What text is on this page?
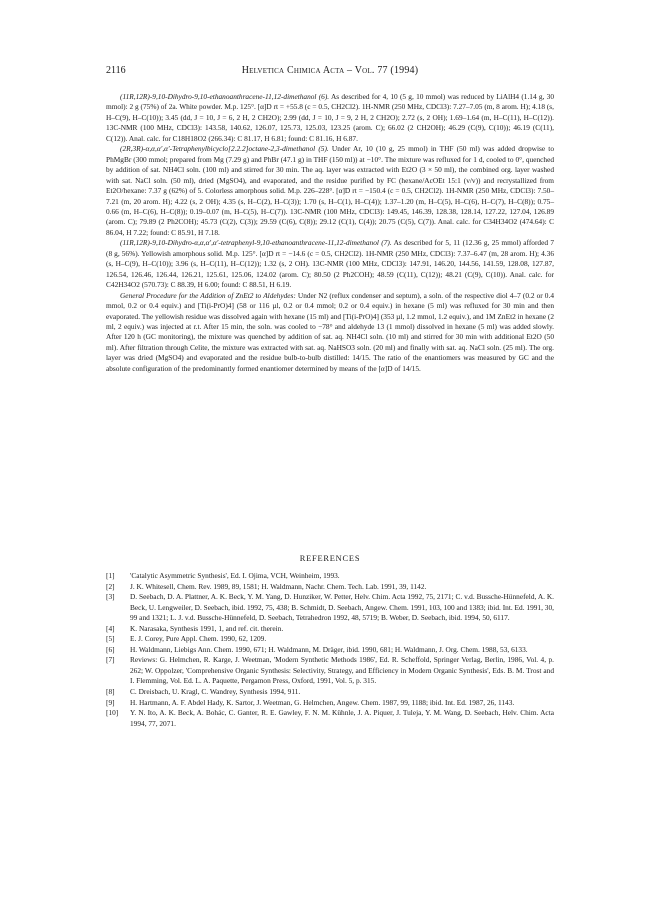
2116	Helvetica Chimica Acta – Vol. 77 (1994)

(11R,12R)-9,10-Dihydro-9,10-ethanoanthracene-11,12-dimethanol (6). As described for 4, 10 (5 g, 10 mmol) was reduced by LiAlH4 (1.14 g, 30 mmol): 2 g (75%) of 2a. White powder. M.p. 125°. [α]D rt = +55.8 (c = 0.5, CH2Cl2). 1H-NMR (250 MHz, CDCl3): 7.27–7.05 (m, 8 arom. H); 4.18 (s, H–C(9), H–C(10)); 3.45 (dd, J = 10, J = 6, 2 H, 2 CH2O); 2.99 (dd, J = 10, J = 9, 2 H, 2 CH2O); 2.72 (s, 2 OH); 1.69–1.64 (m, H–C(11), H–C(12)). 13C-NMR (100 MHz, CDCl3): 143.58, 140.62, 126.07, 125.73, 125.03, 123.25 (arom. C); 66.02 (2 CH2OH); 46.29 (C(9), C(10)); 46.19 (C(11), C(12)). Anal. calc. for C18H18O2 (266.34): C 81.17, H 6.81; found: C 81.16, H 6.87.

(2R,3R)-α,α,α′,α′-Tetraphenylbicyclo[2.2.2]octane-2,3-dimethanol (5). Under Ar, 10 (10 g, 25 mmol) in THF (50 ml) was added dropwise to PhMgBr (300 mmol; prepared from Mg (7.29 g) and PhBr (47.1 g) in THF (150 ml)) at −10°. The mixture was refluxed for 1 d, cooled to 0°, quenched by addition of sat. NH4Cl soln. (100 ml) and stirred for 30 min. The aq. layer was extracted with Et2O (3 × 50 ml), the combined org. layer washed with sat. NaCl soln. (50 ml), dried (MgSO4), and evaporated, and the residue purified by FC (hexane/AcOEt 15:1 (v/v)) and recrystallized from Et2O/hexane: 7.37 g (62%) of 5. Colorless amorphous solid. M.p. 226–228°. [α]D rt = −150.4 (c = 0.5, CH2Cl2). 1H-NMR (250 MHz, CDCl3): 7.50–7.21 (m, 20 arom. H); 4.22 (s, 2 OH); 4.35 (s, H–C(2), H–C(3)); 1.70 (s, H–C(1), H–C(4)); 1.37–1.20 (m, H–C(5), H–C(6), H–C(7), H–C(8)); 0.75–0.66 (m, H–C(6), H–C(8)); 0.19–0.07 (m, H–C(5), H–C(7)). 13C-NMR (100 MHz, CDCl3): 149.45, 146.39, 128.38, 128.14, 127.22, 127.04, 126.89 (arom. C); 79.89 (2 Ph2COH); 45.73 (C(2), C(3)); 29.59 (C(6), C(8)); 29.12 (C(1), C(4)); 20.75 (C(5), C(7)). Anal. calc. for C34H34O2 (474.64): C 86.04, H 7.22; found: C 85.91, H 7.18.

(11R,12R)-9,10-Dihydro-α,α,α′,α′-tetraphenyl-9,10-ethanoanthracene-11,12-dimethanol (7). As described for 5, 11 (12.36 g, 25 mmol) afforded 7 (8 g, 56%). Yellowish amorphous solid. M.p. 125°. [α]D rt = −14.6 (c = 0.5, CH2Cl2). 1H-NMR (250 MHz, CDCl3): 7.37–6.47 (m, 28 arom. H); 4.36 (s, H–C(9), H–C(10)); 3.96 (s, H–C(11), H–C(12)); 1.32 (s, 2 OH). 13C-NMR (100 MHz, CDCl3): 147.91, 146.20, 144.56, 141.59, 128.08, 127.87, 126.54, 126.46, 126.44, 126.21, 125.61, 125.06, 124.02 (arom. C); 80.50 (2 Ph2COH); 48.59 (C(11), C(12)); 48.21 (C(9), C(10)). Anal. calc. for C42H34O2 (570.73): C 88.39, H 6.00; found: C 88.51, H 6.19.

General Procedure for the Addition of ZnEt2 to Aldehydes: Under N2 (reflux condenser and septum), a soln. of the respective diol 4–7 (0.2 or 0.4 mmol, 0.2 or 0.4 equiv.) and [Ti(i-PrO)4] (58 or 116 µl, 0.2 or 0.4 mmol; 0.2 or 0.4 equiv.) in hexane (5 ml) was refluxed for 30 min and then evaporated. The yellowish residue was dissolved again with hexane (15 ml) and [Ti(i-PrO)4] (353 µl, 1.2 mmol, 1.2 equiv.), and 1M ZnEt2 in hexane (2 ml, 2 equiv.) was injected at r.t. After 15 min, the soln. was cooled to −78° and aldehyde 13 (1 mmol) dissolved in hexane (5 ml) was added slowly. After 120 h (GC monitoring), the mixture was quenched by addition of sat. aq. NH4Cl soln. (10 ml) and stirred for 30 min with additional Et2O (50 ml). After filtration through Celite, the mixture was extracted with sat. aq. NaHSO3 soln. (20 ml) and finally with sat. aq. NaCl soln. (25 ml). The org. layer was dried (MgSO4) and evaporated and the residue bulb-to-bulb distilled: 14/15. The ratio of the enantiomers was measured by GC and the absolute configuration of the predominantly formed enantiomer determined by means of the [α]D of 14/15.

REFERENCES
[1]	'Catalytic Asymmetric Synthesis', Ed. I. Ojima, VCH, Weinheim, 1993.
[2]	J. K. Whitesell, Chem. Rev. 1989, 89, 1581; H. Waldmann, Nachr. Chem. Tech. Lab. 1991, 39, 1142.
[3]	D. Seebach, D. A. Plattner, A. K. Beck, Y. M. Yang, D. Hunziker, W. Petter, Helv. Chim. Acta 1992, 75, 2171; C. v.d. Bussche-Hünnefeld, A. K. Beck, U. Lengweiler, D. Seebach, ibid. 1992, 75, 438; B. Schmidt, D. Seebach, Angew. Chem. 1991, 103, 100 and 1383; ibid. Int. Ed. 1991, 30, 99 and 1321; L. J. v.d. Bussche-Hünnefeld, D. Seebach, Tetrahedron 1992, 48, 5719; B. Weber, D. Seebach, ibid. 1994, 50, 6117.
[4]	K. Narasaka, Synthesis 1991, 1, and ref. cit. therein.
[5]	E. J. Corey, Pure Appl. Chem. 1990, 62, 1209.
[6]	H. Waldmann, Liebigs Ann. Chem. 1990, 671; H. Waldmann, M. Dräger, ibid. 1990, 681; H. Waldmann, J. Org. Chem. 1988, 53, 6133.
[7]	Reviews: G. Helmchen, R. Karge, J. Weetman, 'Modern Synthetic Methods 1986', Ed. R. Scheffold, Springer Verlag, Berlin, 1986, Vol. 4, p. 262; W. Oppolzer, 'Comprehensive Organic Synthesis: Selectivity, Strategy, and Efficiency in Modern Organic Synthesis', Eds. B. M. Trost and I. Flemming, Vol. Ed. L. A. Paquette, Pergamon Press, Oxford, 1991, Vol. 5, p. 315.
[8]	C. Dreisbach, U. Kragl, C. Wandrey, Synthesis 1994, 911.
[9]	H. Hartmann, A. F. Abdel Hady, K. Sartor, J. Weetman, G. Helmchen, Angew. Chem. 1987, 99, 1188; ibid. Int. Ed. 1987, 26, 1143.
[10]	Y. N. Ito, A. K. Beck, A. Bohác, C. Ganter, R. E. Gawley, F. N. M. Kühnle, J. A. Piquer, J. Tuleja, Y. M. Wang, D. Seebach, Helv. Chim. Acta 1994, 77, 2071.
